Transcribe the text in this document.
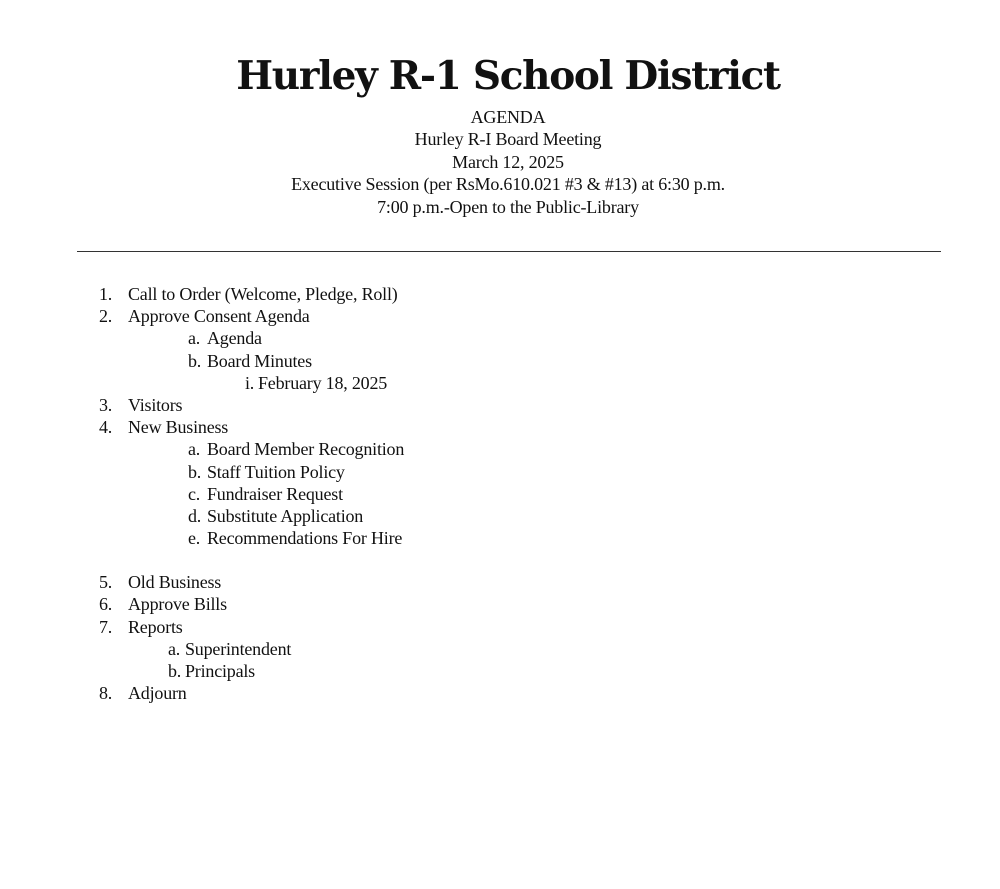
Hurley R-1 School District
AGENDA
Hurley R-I Board Meeting
March 12, 2025
Executive Session (per RsMo.610.021 #3 & #13) at 6:30 p.m.
7:00 p.m.-Open to the Public-Library
1. Call to Order (Welcome, Pledge, Roll)
2. Approve Consent Agenda
a. Agenda
b. Board Minutes
i. February 18, 2025
3. Visitors
4. New Business
a. Board Member Recognition
b. Staff Tuition Policy
c. Fundraiser Request
d. Substitute Application
e. Recommendations For Hire
5. Old Business
6. Approve Bills
7. Reports
a. Superintendent
b. Principals
8. Adjourn
